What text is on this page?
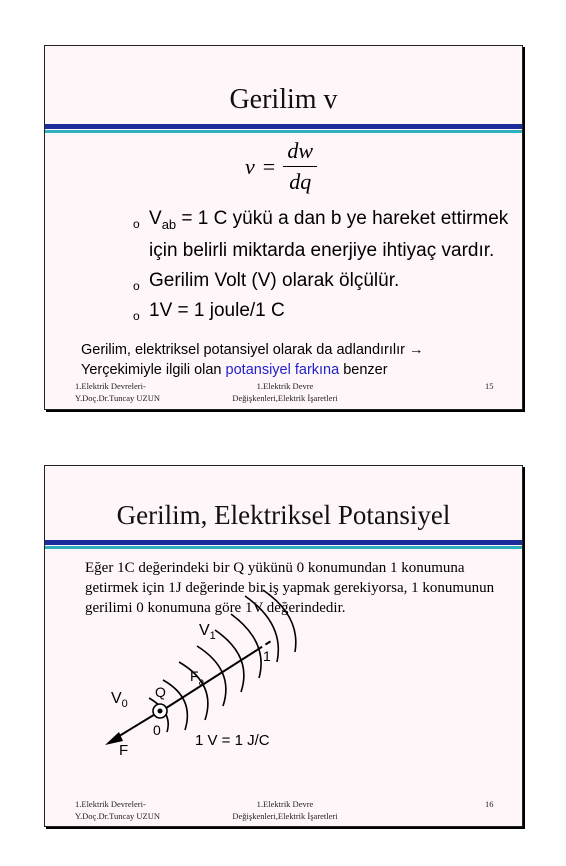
Gerilim v
v =
dw
dq
o $V_{ab} = 1$ C yükü a dan b ye hareket ettirmek için belirli miktarda enerjiye ihtiyaç vardır.
o Gerilim Volt (V) olarak ölçülür.
o 1V = 1 joule/1 C
Gerilim, elektriksel potansiyel olarak da adlandırılır →
Yerçekimiyle ilgili olan potansiyel farkına benzer
1.Elektrik Devreleri-
Y.Doç.Dr.Tuncay UZUN
1.Elektrik Devre
Değişkenleri,Elektrik İşaretleri
15
Gerilim, Elektriksel Potansiyel
Eğer 1C değerindeki bir Q yükünü 0 konumundan 1 konumuna getirmek için 1J değerinde bir iş yapmak gerekiyorsa, 1 konumunun gerilimi 0 konumuna göre 1V değerindedir.
$V_1$
1
$F_a$
Q
$V_0$
0
F
1 V = 1 J/C
1.Elektrik Devreleri-
Y.Doç.Dr.Tuncay UZUN
1.Elektrik Devre
Değişkenleri,Elektrik İşaretleri
16
